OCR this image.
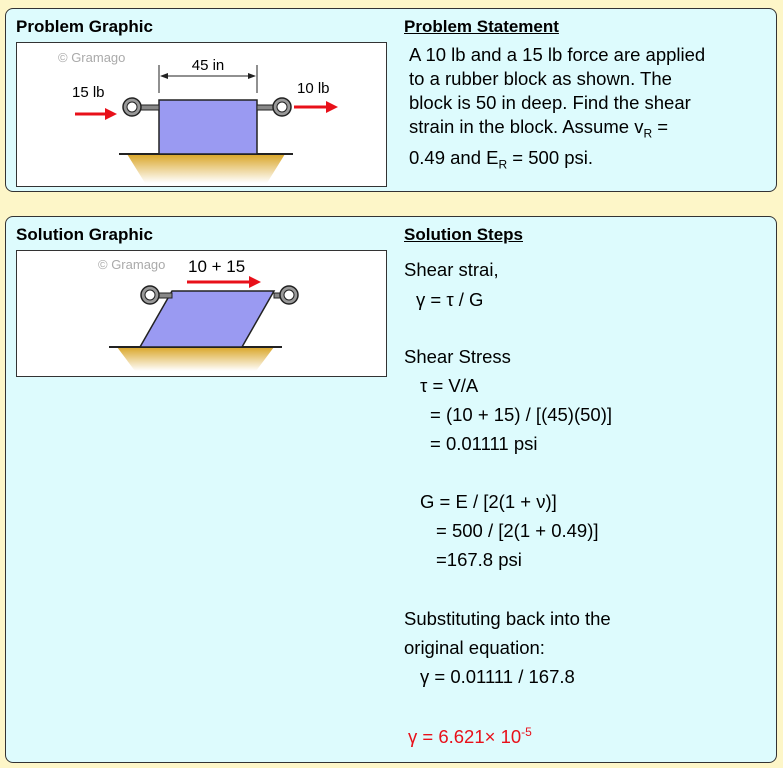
Problem Graphic	Problem Statement
© Gramago	45 in
15 lb	10 lb
A 10 lb and a 15 lb force are applied
to a rubber block as shown. The
block is 50 in deep. Find the shear
strain in the block. Assume $v_R$ =
0.49 and $E_R = 500$ psi.
Solution Graphic	Solution Steps
© Gramago 10 + 15	Shear strai,
γ = τ / G
Shear Stress
τ = V/A
= (10 + 15) / [(45)(50)]
= 0.01111 psi
G = E / [2(1 + ν)]
= 500 / [2(1 + 0.49)]
=167.8 psi
Substituting back into the
original equation:
γ = 0.01111 / 167.8
$\gamma = 6.621\times 10^{-5}$
